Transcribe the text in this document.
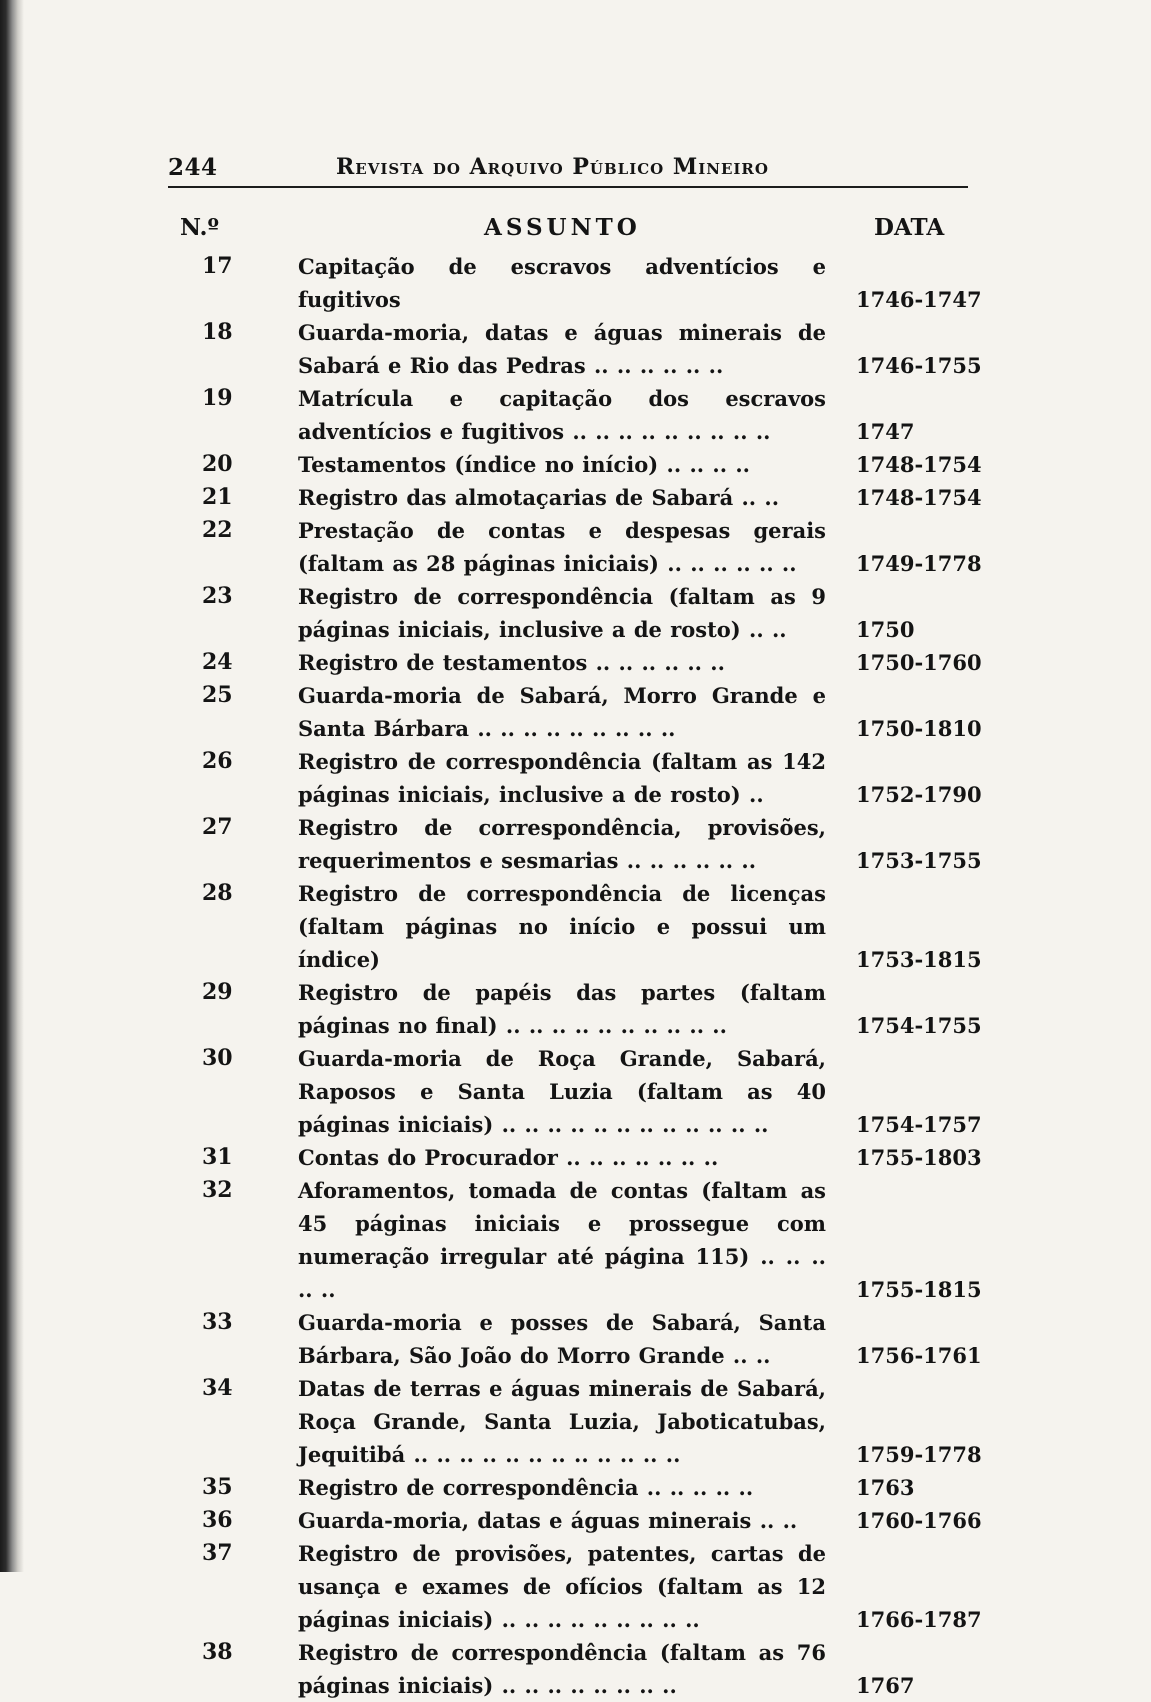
244	Revista do Arquivo Público Mineiro
N.º	ASSUNTO	DATA
17	Capitação de escravos adventícios e fugitivos	1746-1747
18	Guarda-moria, datas e águas minerais de Sabará e Rio das Pedras .. .. .. .. .. ..	1746-1755
19	Matrícula e capitação dos escravos adventícios e fugitivos .. .. .. .. .. .. .. .. ..	1747
20	Testamentos (índice no início) .. .. .. ..	1748-1754
21	Registro das almotaçarias de Sabará .. ..	1748-1754
22	Prestação de contas e despesas gerais (faltam as 28 páginas iniciais) .. .. .. .. .. ..	1749-1778
23	Registro de correspondência (faltam as 9 páginas iniciais, inclusive a de rosto) .. ..	1750
24	Registro de testamentos .. .. .. .. .. ..	1750-1760
25	Guarda-moria de Sabará, Morro Grande e Santa Bárbara .. .. .. .. .. .. .. .. ..	1750-1810
26	Registro de correspondência (faltam as 142 páginas iniciais, inclusive a de rosto) ..	1752-1790
27	Registro de correspondência, provisões, requerimentos e sesmarias .. .. .. .. .. ..	1753-1755
28	Registro de correspondência de licenças (faltam páginas no início e possui um índice)	1753-1815
29	Registro de papéis das partes (faltam páginas no final) .. .. .. .. .. .. .. .. .. ..	1754-1755
30	Guarda-moria de Roça Grande, Sabará, Raposos e Santa Luzia (faltam as 40 páginas iniciais) .. .. .. .. .. .. .. .. .. .. .. ..	1754-1757
31	Contas do Procurador .. .. .. .. .. .. ..	1755-1803
32	Aforamentos, tomada de contas (faltam as 45 páginas iniciais e prossegue com numeração irregular até página 115) .. .. .. .. ..	1755-1815
33	Guarda-moria e posses de Sabará, Santa Bárbara, São João do Morro Grande .. ..	1756-1761
34	Datas de terras e águas minerais de Sabará, Roça Grande, Santa Luzia, Jaboticatubas, Jequitibá .. .. .. .. .. .. .. .. .. .. .. ..	1759-1778
35	Registro de correspondência .. .. .. .. ..	1763
36	Guarda-moria, datas e águas minerais .. ..	1760-1766
37	Registro de provisões, patentes, cartas de usança e exames de ofícios (faltam as 12 páginas iniciais) .. .. .. .. .. .. .. .. ..	1766-1787
38	Registro de correspondência (faltam as 76 páginas iniciais) .. .. .. .. .. .. .. ..	1767
